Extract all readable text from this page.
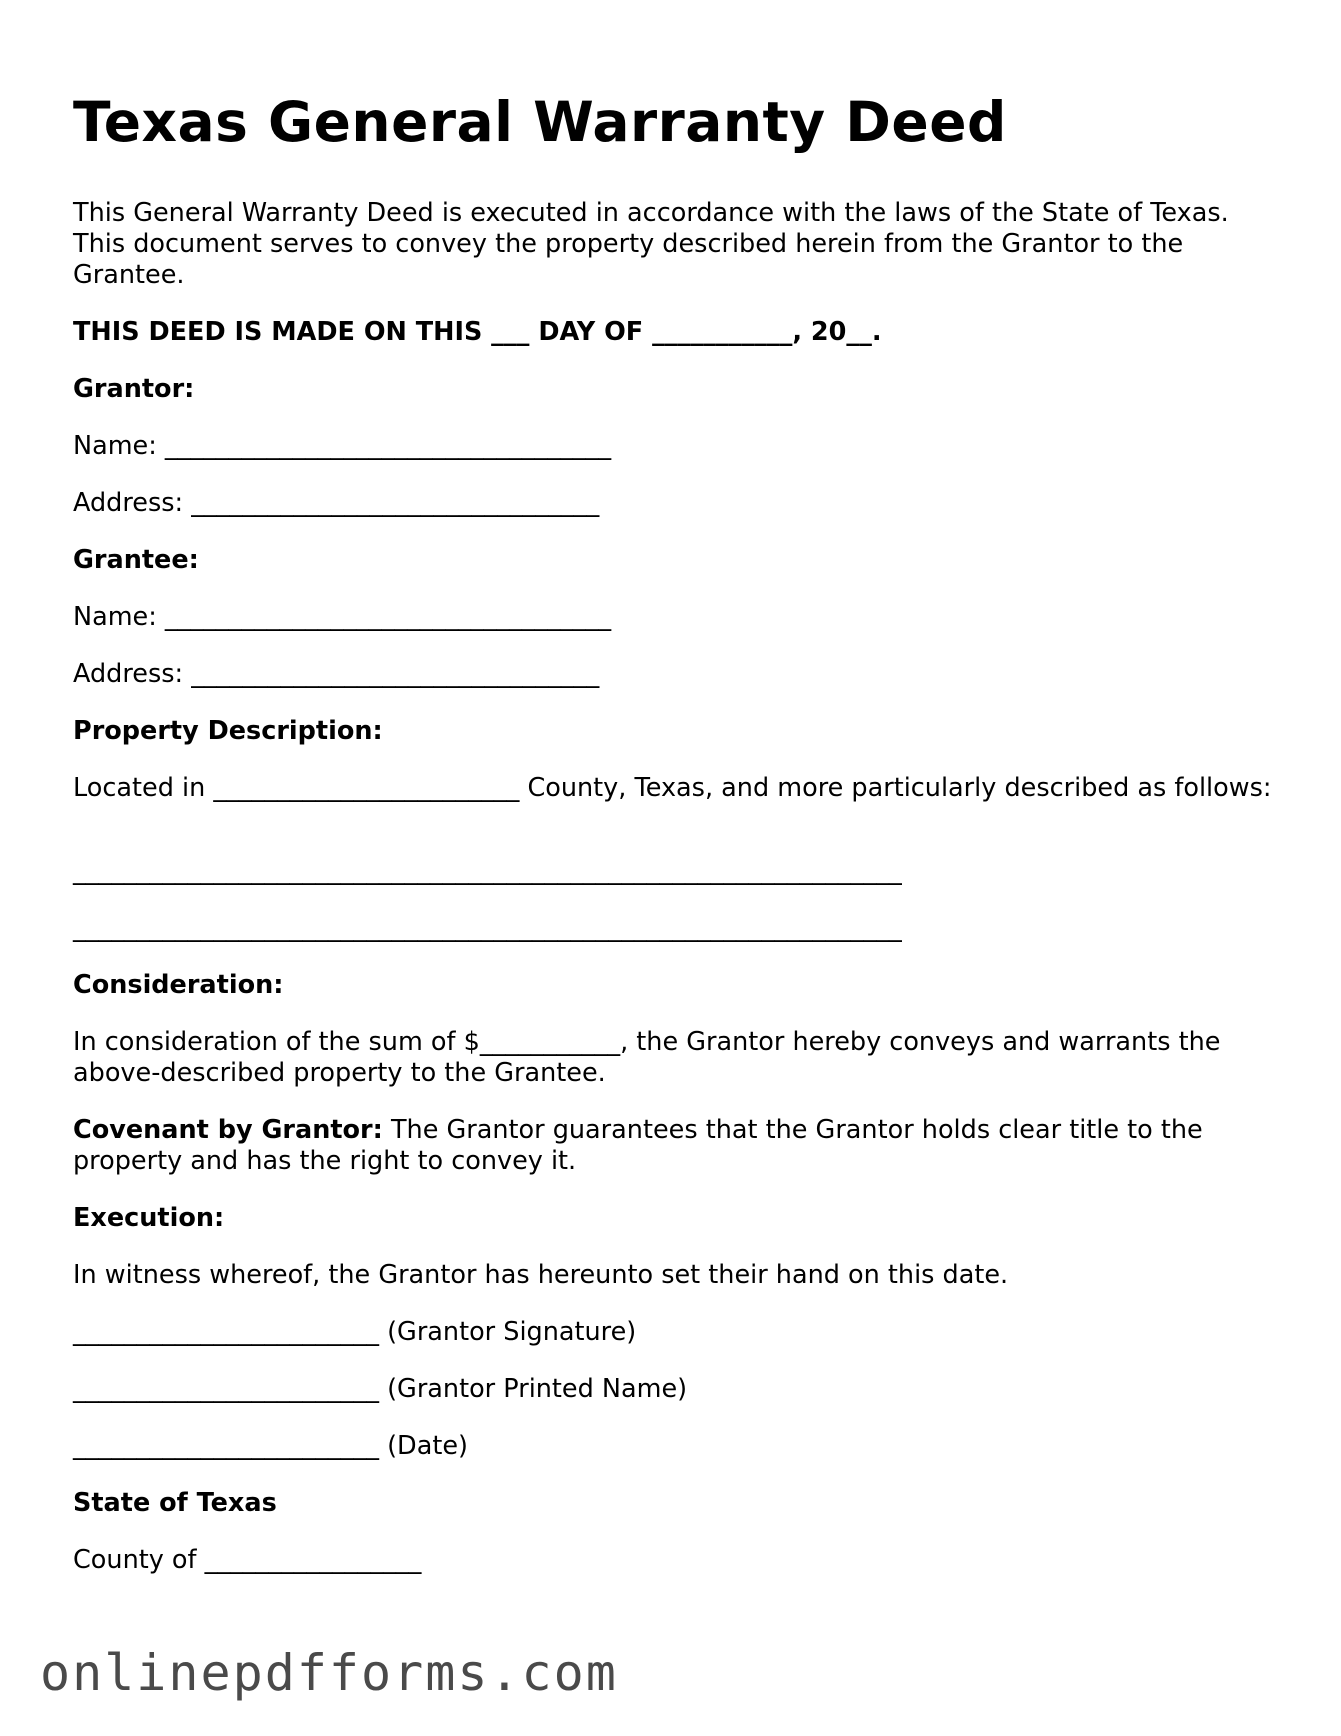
Texas General Warranty Deed

This General Warranty Deed is executed in accordance with the laws of the State of Texas. This document serves to convey the property described herein from the Grantor to the Grantee.

THIS DEED IS MADE ON THIS ___ DAY OF ___________, 20__.

Grantor:

Name: ___________________________________

Address: ________________________________

Grantee:

Name: ___________________________________

Address: ________________________________

Property Description:

Located in ________________________ County, Texas, and more particularly described as follows:

_________________________________________________________________

_________________________________________________________________

Consideration:

In consideration of the sum of $___________, the Grantor hereby conveys and warrants the above-described property to the Grantee.

Covenant by Grantor: The Grantor guarantees that the Grantor holds clear title to the property and has the right to convey it.

Execution:

In witness whereof, the Grantor has hereunto set their hand on this date.

________________________ (Grantor Signature)

________________________ (Grantor Printed Name)

________________________ (Date)

State of Texas

County of _________________

onlinepdfforms.com
